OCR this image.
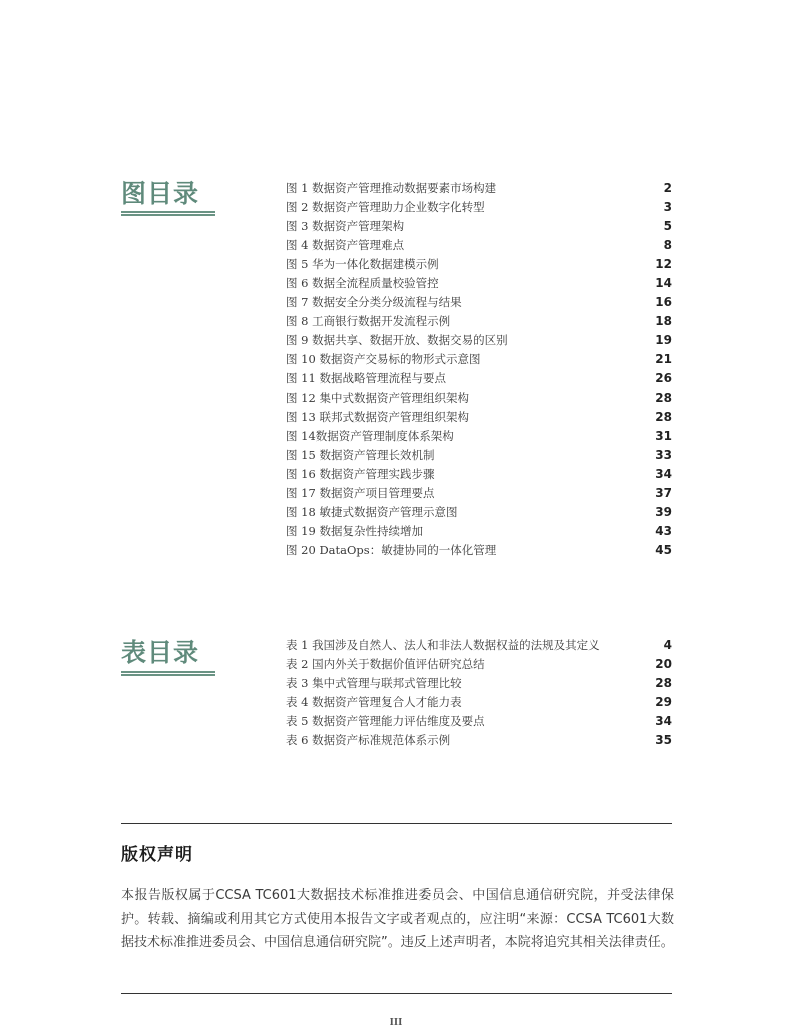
图目录	图 1 数据资产管理推动数据要素市场构建	2
图 2 数据资产管理助力企业数字化转型	3
图 3 数据资产管理架构	5
图 4 数据资产管理难点	8
图 5 华为一体化数据建模示例	12
图 6 数据全流程质量校验管控	14
图 7 数据安全分类分级流程与结果	16
图 8 工商银行数据开发流程示例	18
图 9 数据共享、数据开放、数据交易的区别	19
图 10 数据资产交易标的物形式示意图	21
图 11 数据战略管理流程与要点	26
图 12 集中式数据资产管理组织架构	28
图 13 联邦式数据资产管理组织架构	28
图 14数据资产管理制度体系架构	31
图 15 数据资产管理长效机制	33
图 16 数据资产管理实践步骤	34
图 17 数据资产项目管理要点	37
图 18 敏捷式数据资产管理示意图	39
图 19 数据复杂性持续增加	43
图 20 DataOps：敏捷协同的一体化管理	45
表目录	表 1 我国涉及自然人、法人和非法人数据权益的法规及其定义	4
表 2 国内外关于数据价值评估研究总结	20
表 3 集中式管理与联邦式管理比较	28
表 4 数据资产管理复合人才能力表	29
表 5 数据资产管理能力评估维度及要点	34
表 6 数据资产标准规范体系示例	35
版权声明

本报告版权属于CCSA TC601大数据技术标准推进委员会、中国信息通信研究院，并受法律保护。转载、摘编或利用其它方式使用本报告文字或者观点的，应注明“来源：CCSA TC601大数据技术标准推进委员会、中国信息通信研究院”。违反上述声明者，本院将追究其相关法律责任。

III
